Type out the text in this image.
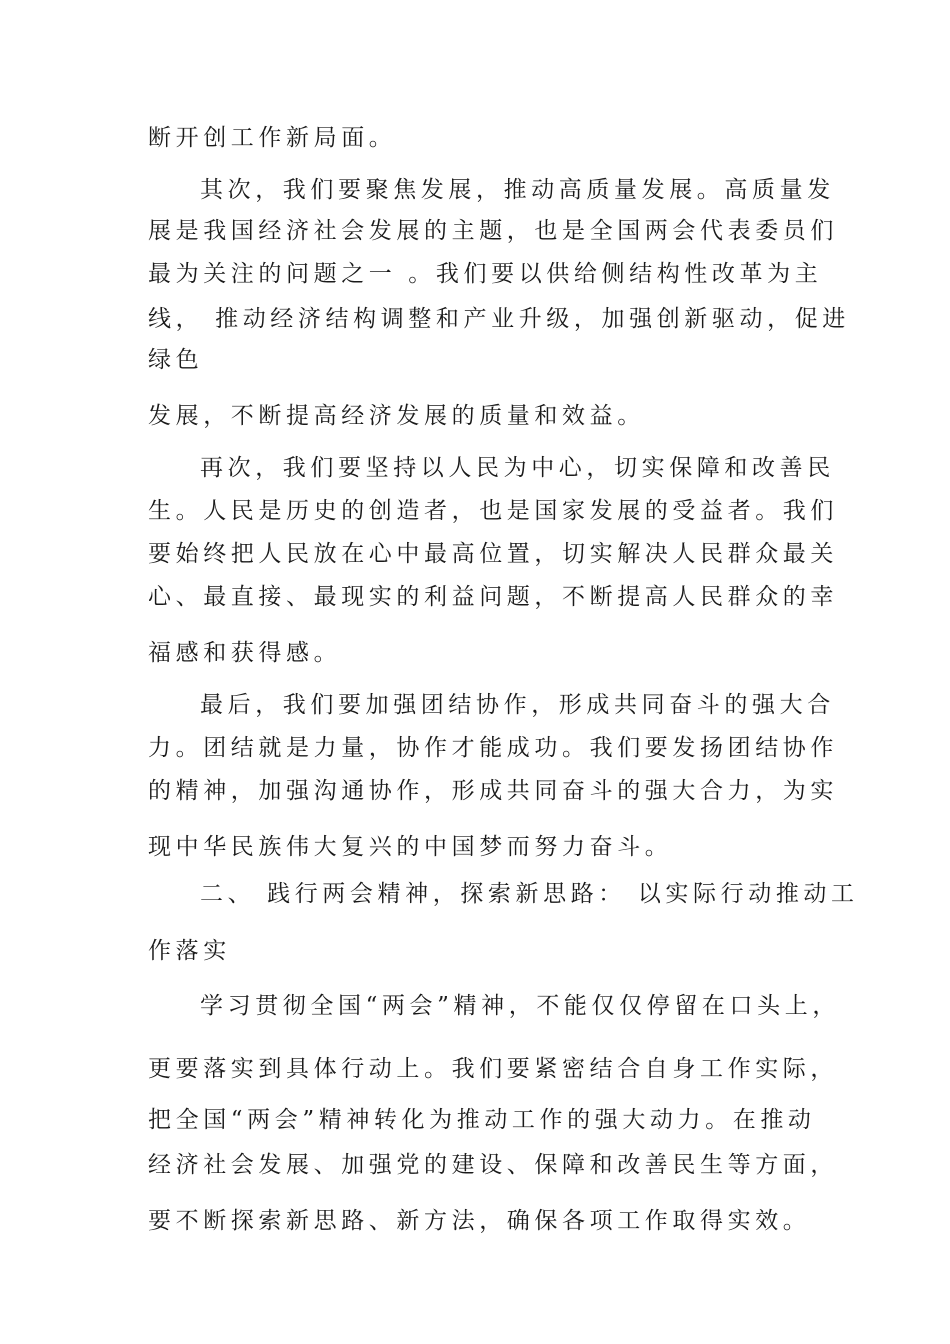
断开创工作新局面。
其次，我们要聚焦发展，推动高质量发展。高质量发
展是我国经济社会发展的主题，也是全国两会代表委员们
最为关注的问题之一 。我们要以供给侧结构性改革为主
线， 推动经济结构调整和产业升级，加强创新驱动，促进
绿色
发展，不断提高经济发展的质量和效益。
再次，我们要坚持以人民为中心，切实保障和改善民
生。人民是历史的创造者，也是国家发展的受益者。我们
要始终把人民放在心中最高位置，切实解决人民群众最关
心、最直接、最现实的利益问题，不断提高人民群众的幸
福感和获得感。
最后，我们要加强团结协作，形成共同奋斗的强大合
力。团结就是力量，协作才能成功。我们要发扬团结协作
的精神，加强沟通协作，形成共同奋斗的强大合力，为实
现中华民族伟大复兴的中国梦而努力奋斗。
二、 践行两会精神，探索新思路： 以实际行动推动工
作落实
学习贯彻全国“两会”精神，不能仅仅停留在口头上，
更要落实到具体行动上。我们要紧密结合自身工作实际，
把全国“两会”精神转化为推动工作的强大动力。在推动
经济社会发展、加强党的建设、保障和改善民生等方面，
要不断探索新思路、新方法，确保各项工作取得实效。
